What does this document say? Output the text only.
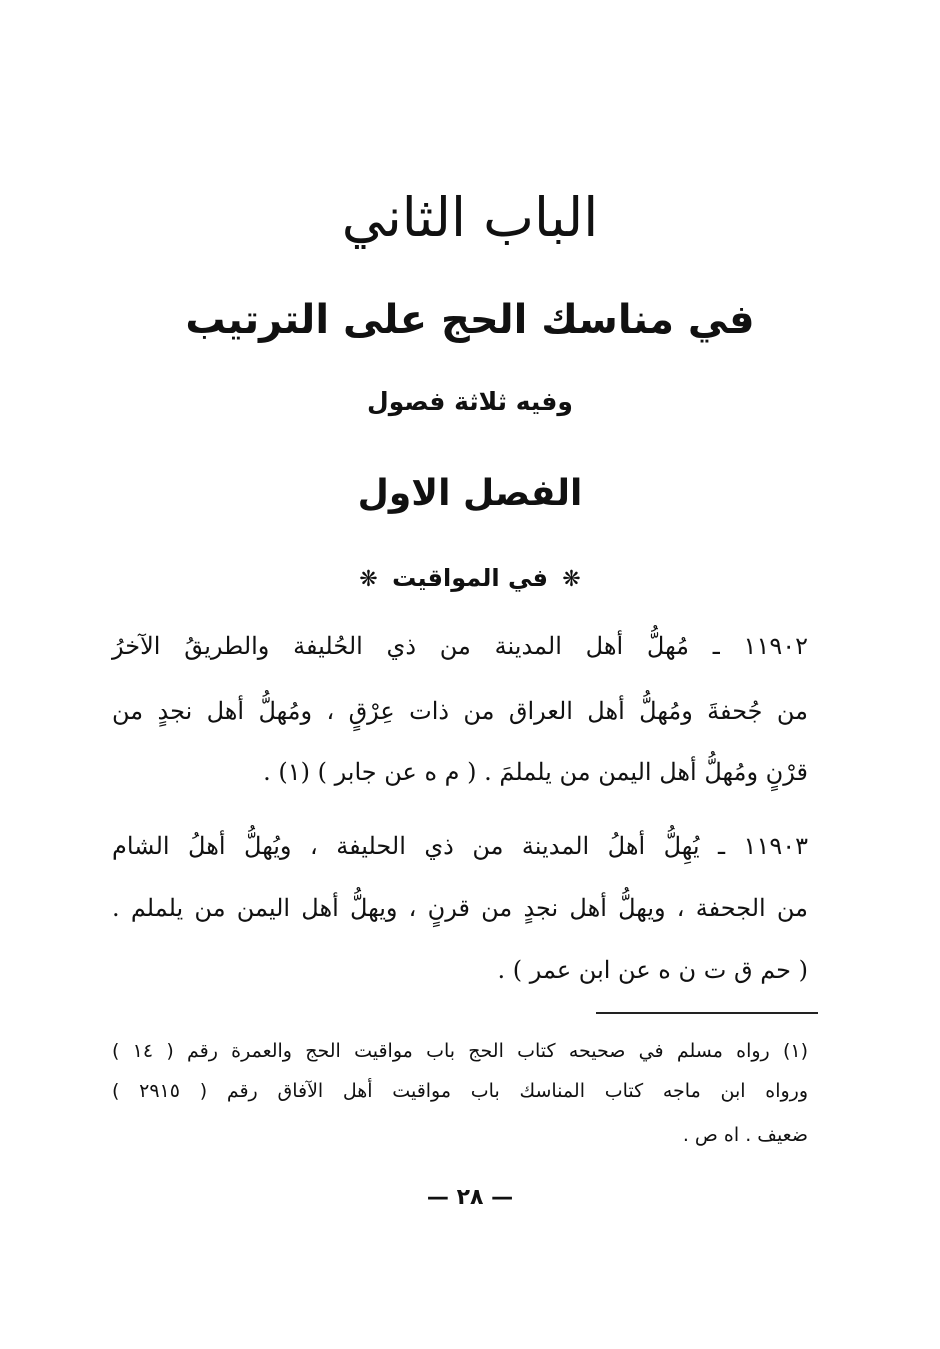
الباب الثاني
في مناسك الحج على الترتيب
وفيه ثلاثة فصول
الفصل الاول
❋ في المواقيت ❋
١١٩٠٢ ـ مُهلُّ أهل المدينة من ذي الحُليفة والطريقُ الآخرُ
من جُحفةَ ومُهلُّ أهل العراق من ذات عِرْقٍ ، ومُهلُّ أهل نجدٍ من
قرْنٍ ومُهلُّ أهل اليمن من يلملمَ . ( م ه عن جابر ) (١) .
١١٩٠٣ ـ يُهِلُّ أهلُ المدينة من ذي الحليفة ، ويُهلُّ أهلُ الشام
من الجحفة ، ويهلُّ أهل نجدٍ من قرنٍ ، ويهلُّ أهل اليمن من يلملم .
( حم ق ت ن ه عن ابن عمر ) .
(١) رواه مسلم في صحيحه كتاب الحج باب مواقيت الحج والعمرة رقم ( ١٤ )
ورواه ابن ماجه كتاب المناسك باب مواقيت أهل الآفاق رقم ( ٢٩١٥ )
ضعيف . اه ص .
— ٢٨ —
